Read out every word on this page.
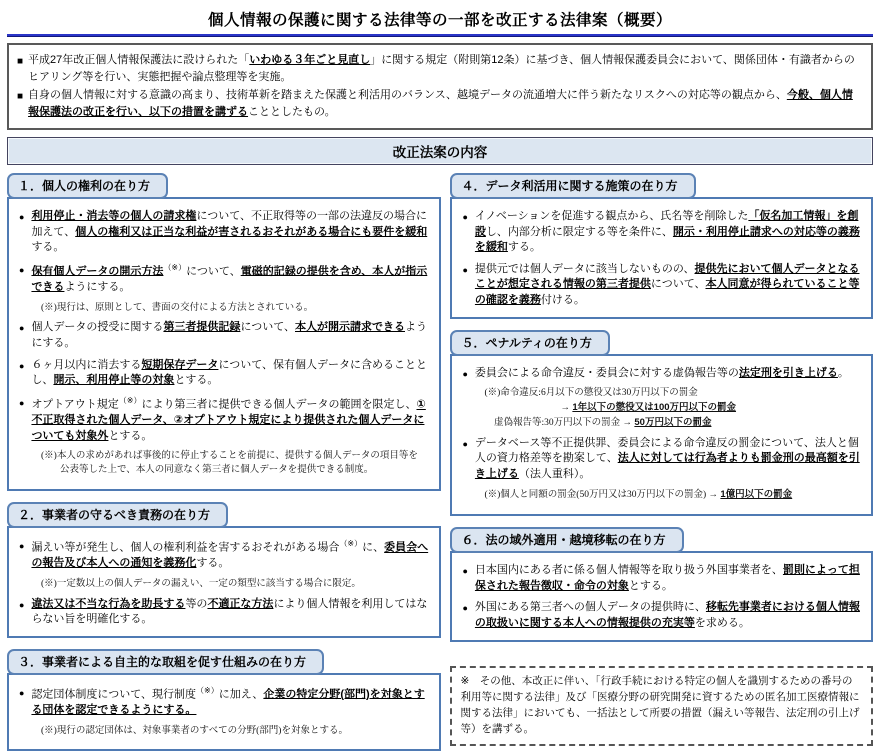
個人情報の保護に関する法律等の一部を改正する法律案（概要）
■ 平成27年改正個人情報保護法に設けられた「いわゆる３年ごと見直し」に関する規定（附則第12条）に基づき、個人情報保護委員会において、関係団体・有識者からのヒアリング等を行い、実態把握や論点整理等を実施。
■ 自身の個人情報に対する意識の高まり、技術革新を踏まえた保護と利活用のバランス、越境データの流通増大に伴う新たなリスクへの対応等の観点から、今般、個人情報保護法の改正を行い、以下の措置を講ずることとしたもの。
改正法案の内容
１．個人の権利の在り方
● 利用停止・消去等の個人の請求権について、不正取得等の一部の法違反の場合に加えて、個人の権利又は正当な利益が害されるおそれがある場合にも要件を緩和する。
● 保有個人データの開示方法（※）について、電磁的記録の提供を含め、本人が指示できるようにする。
(※)現行は、原則として、書面の交付による方法とされている。
● 個人データの授受に関する第三者提供記録について、本人が開示請求できるようにする。
● ６ヶ月以内に消去する短期保存データについて、保有個人データに含めることとし、開示、利用停止等の対象とする。
● オプトアウト規定（※）により第三者に提供できる個人データの範囲を限定し、①不正取得された個人データ、②オプトアウト規定により提供された個人データについても対象外とする。
(※)本人の求めがあれば事後的に停止することを前提に、提供する個人データの項目等を
　　公表等した上で、本人の同意なく第三者に個人データを提供できる制度。
２．事業者の守るべき責務の在り方
● 漏えい等が発生し、個人の権利利益を害するおそれがある場合（※）に、委員会への報告及び本人への通知を義務化する。
(※)一定数以上の個人データの漏えい、一定の類型に該当する場合に限定。
● 違法又は不当な行為を助長する等の不適正な方法により個人情報を利用してはならない旨を明確化する。
３．事業者による自主的な取組を促す仕組みの在り方
● 認定団体制度について、現行制度（※）に加え、企業の特定分野(部門)を対象とする団体を認定できるようにする。
(※)現行の認定団体は、対象事業者のすべての分野(部門)を対象とする。
４．データ利活用に関する施策の在り方
● イノベーションを促進する観点から、氏名等を削除した「仮名加工情報」を創設し、内部分析に限定する等を条件に、開示・利用停止請求への対応等の義務を緩和する。
● 提供元では個人データに該当しないものの、提供先において個人データとなることが想定される情報の第三者提供について、本人同意が得られていること等の確認を義務付ける。
５．ペナルティの在り方
● 委員会による命令違反・委員会に対する虚偽報告等の法定刑を引き上げる。
(※)命令違反:6月以下の懲役又は30万円以下の罰金
　　　　　　　　→ 1年以下の懲役又は100万円以下の罰金
　虚偽報告等:30万円以下の罰金 → 50万円以下の罰金
● データベース等不正提供罪、委員会による命令違反の罰金について、法人と個人の資力格差等を勘案して、法人に対しては行為者よりも罰金刑の最高額を引き上げる（法人重科）。
(※)個人と同額の罰金(50万円又は30万円以下の罰金) → 1億円以下の罰金
６．法の域外適用・越境移転の在り方
● 日本国内にある者に係る個人情報等を取り扱う外国事業者を、罰則によって担保された報告徴収・命令の対象とする。
● 外国にある第三者への個人データの提供時に、移転先事業者における個人情報の取扱いに関する本人への情報提供の充実等を求める。
※　その他、本改正に伴い、「行政手続における特定の個人を識別するための番号の利用等に関する法律」及び「医療分野の研究開発に資するための匿名加工医療情報に関する法律」においても、一括法として所要の措置（漏えい等報告、法定刑の引上げ等）を講ずる。
